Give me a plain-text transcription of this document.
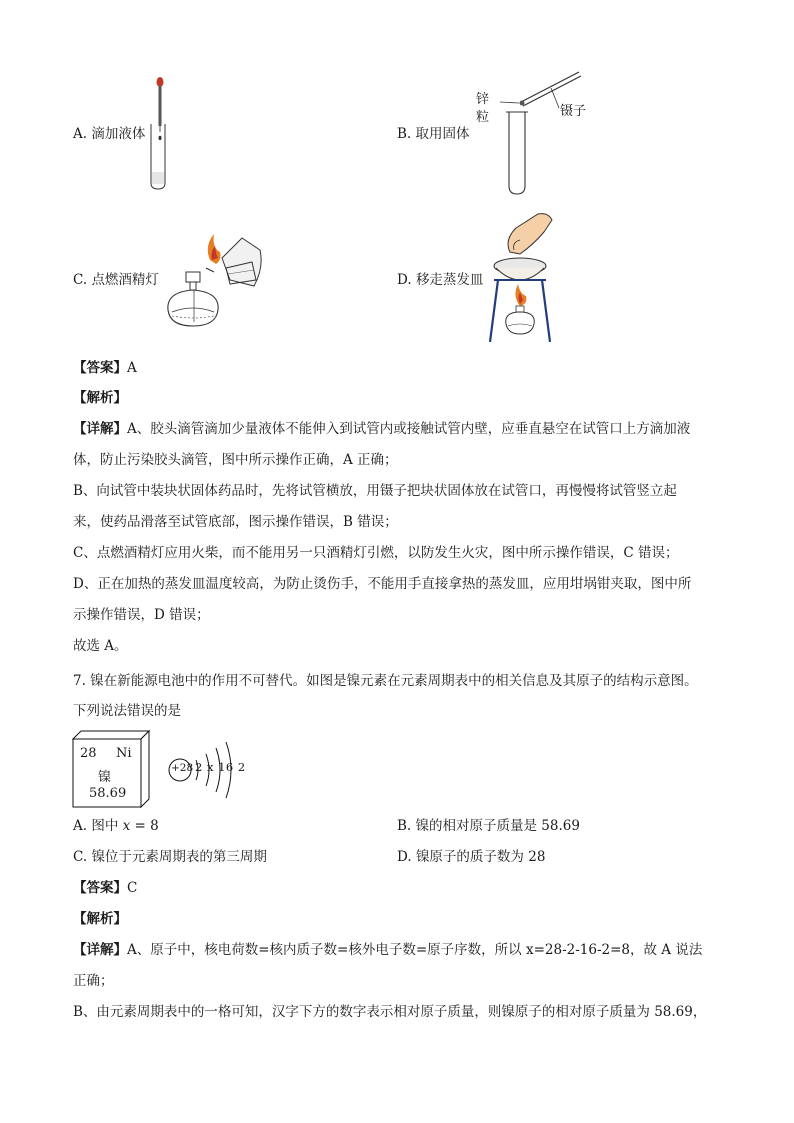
A. 滴加液体	B. 取用固体
锌
粒	镊子
C. 点燃酒精灯	D. 移走蒸发皿
【答案】A
【解析】
【详解】A、胶头滴管滴加少量液体不能伸入到试管内或接触试管内壁，应垂直悬空在试管口上方滴加液
体，防止污染胶头滴管，图中所示操作正确，A 正确；
B、向试管中装块状固体药品时，先将试管横放，用镊子把块状固体放在试管口，再慢慢将试管竖立起
来，使药品滑落至试管底部，图示操作错误，B 错误；
C、点燃酒精灯应用火柴，而不能用另一只酒精灯引燃，以防发生火灾，图中所示操作错误，C 错误；
D、正在加热的蒸发皿温度较高，为防止烫伤手，不能用手直接拿热的蒸发皿，应用坩埚钳夹取，图中所
示操作错误，D 错误；
故选 A。
7. 镍在新能源电池中的作用不可替代。如图是镍元素在元素周期表中的相关信息及其原子的结构示意图。
下列说法错误的是
28 Ni
镍
58.69
+28 2 x 16 2
A. 图中 x = 8	B. 镍的相对原子质量是 58.69
C. 镍位于元素周期表的第三周期	D. 镍原子的质子数为 28
【答案】C
【解析】
【详解】A、原子中，核电荷数=核内质子数=核外电子数=原子序数，所以 x=28-2-16-2=8，故 A 说法
正确；
B、由元素周期表中的一格可知，汉字下方的数字表示相对原子质量，则镍原子的相对原子质量为 58.69，
